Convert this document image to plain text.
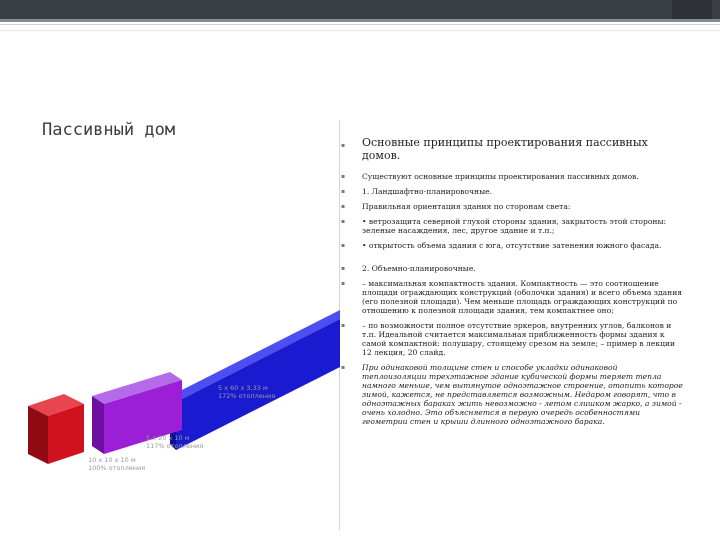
Пассивный дом
▪ Основные принципы проектирования пассивных домов.
▪ Существуют основные принципы проектирования пассивных домов.
▪ 1. Ландшафтно-планировочные.
▪ Правильная ориентация здания по сторонам света:
▪ • ветрозащита северной глухой стороны здания, закрытость этой стороны: зеленые насаждения, лес, другое здание и т.п.;
▪ • открытость объема здания с юга, отсутствие затенения южного фасада.
▪ 2. Объемно-планировочные.
▪ – максимальная компактность здания. Компактность — это соотношение площади ограждающих конструкций (оболочки здания) и всего объема здания (его полезной площади). Чем меньше площадь ограждающих конструкций по отношению к полезной площади здания, тем компактнее оно;
▪ – по возможности полное отсутствие эркеров, внутренних углов, балконов и т.п. Идеальной считается максимальная приближенность формы здания к самой компактной: полушару, стоящему срезом на земле; – пример в лекции 12 лекция, 20 слайд.
▪ При одинаковой толщине стен и способе укладки одинаковой теплоизоляции трехэтажное здание кубической формы теряет тепла намного меньше, чем вытянутое одноэтажное строение, отопить которое зимой, кажется, не представляется возможным. Недаром говорят, что в одноэтажных бараках жить невозможно - летом слишком жарко, а зимой - очень холодно. Это объясняется в первую очередь особенностями геометрии стен и крыши длинного одноэтажного барака.
5 x 60 x 3,33 м
172% отопления
5 x 20 x 10 м
117% отопления
10 x 10 x 10 м
100% отопления
